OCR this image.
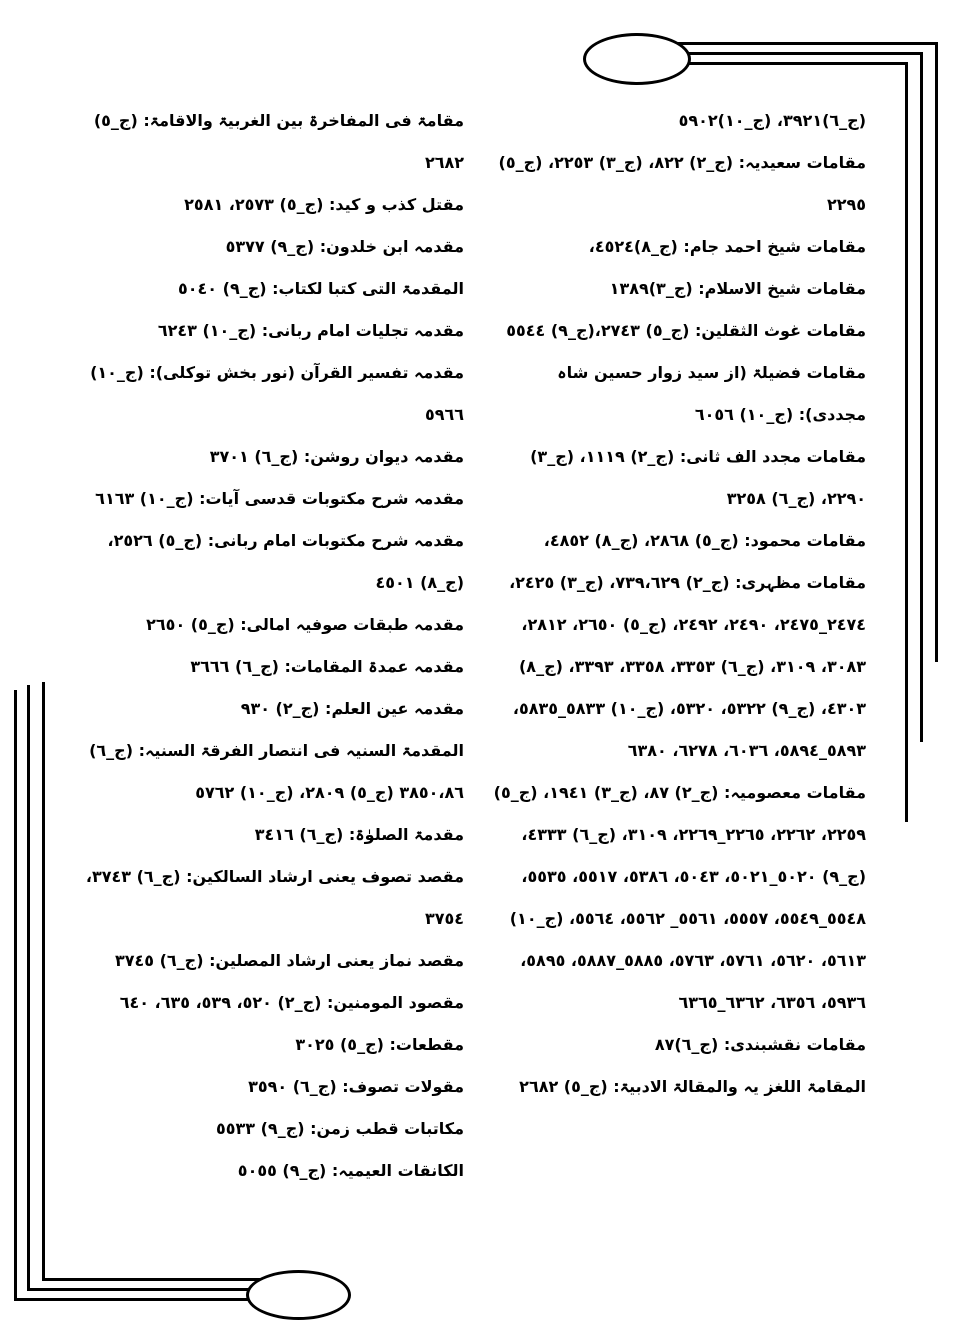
(ج_٦)٣٩٢١، (ج_١٠)٥٩٠٢

مقامات سعیدیہ: (ج_٢) ٨٢٢، (ج_٣) ٢٢٥٣، (ج_٥) ٢٢٩٥

مقامات شیخ احمد جام: (ج_٨)٤٥٢٤،

مقامات شیخ الاسلام: (ج_٣)١٣٨٩

مقامات غوث الثقلین: (ج_٥) ٢٧٤٣،(ج_٩) ٥٥٤٤

مقامات فضیلۃ (از سید زوار حسین شاہ مجددی): (ج_١٠) ٦٠٥٦

مقامات مجدد الف ثانی: (ج_٢) ١١١٩، (ج_٣) ٢٢٩٠، (ج_٦) ٣٢٥٨

مقامات محمود: (ج_٥) ٢٨٦٨، (ج_٨) ٤٨٥٢،

مقامات مظہری: (ج_٢) ٧٣٩،٦٢٩، (ج_٣) ٢٤٢٥، ٢٤٧٤_٢٤٧٥، ٢٤٩٠، ٢٤٩٢، (ج_٥) ٢٦٥٠، ٢٨١٢، ٣٠٨٣، ٣١٠٩، (ج_٦) ٣٣٥٣، ٣٣٥٨، ٣٣٩٣، (ج_٨) ٤٣٠٣، (ج_٩) ٥٣٢٢، ٥٣٢٠، (ج_١٠) ٥٨٣٣_٥٨٣٥، ٥٨٩٣_٥٨٩٤، ٦٠٣٦، ٦٢٧٨، ٦٣٨٠

مقامات معصومیہ: (ج_٢) ٨٧، (ج_٣) ١٩٤١، (ج_٥) ٢٢٥٩، ٢٢٦٢، ٢٢٦٥_٢٢٦٩، ٣١٠٩، (ج_٦) ٤٣٣٣، (ج_٩) ٥٠٢٠_٥٠٢١، ٥٠٤٣، ٥٣٨٦، ٥٥١٧، ٥٥٣٥، ٥٥٤٨_٥٥٤٩، ٥٥٥٧، ٥٥٦١_ ٥٥٦٢، ٥٥٦٤، (ج_١٠) ٥٦١٣، ٥٦٢٠، ٥٧٦١، ٥٧٦٣، ٥٨٨٥_٥٨٨٧، ٥٨٩٥، ٥٩٣٦، ٦٣٥٦، ٦٣٦٢_٦٣٦٥

مقامات نقشبندی: (ج_٦)٨٧

المقامۃ اللغز یہ والمقالۃ الادبیۃ: (ج_٥) ٢٦٨٢

مقامۃ فی المفاخرۃ بین الغربیۃ والاقامۃ: (ج_٥) ٢٦٨٢

مقتل کذب و کید: (ج_٥) ٢٥٧٣، ٢٥٨١

مقدمہ ابن خلدون: (ج_٩) ٥٣٧٧

المقدمۃ التی کتبا لکتاب: (ج_٩) ٥٠٤٠

مقدمہ تجلیات امام ربانی: (ج_١٠) ٦٢٤٣

مقدمہ تفسیر القرآن (نور بخش توکلی): (ج_١٠) ٥٩٦٦

مقدمہ دیوان روشن: (ج_٦) ٣٧٠١

مقدمہ شرح مکتوبات قدسی آیات: (ج_١٠) ٦١٦٣

مقدمہ شرح مکتوبات امام ربانی: (ج_٥) ٢٥٢٦، (ج_٨) ٤٥٠١

مقدمہ طبقات صوفیہ امالی: (ج_٥) ٢٦٥٠

مقدمہ عمدۃ المقامات: (ج_٦) ٣٦٦٦

مقدمہ عین العلم: (ج_٢) ٩٣٠

المقدمۃ السنیہ فی انتصار الفرقۃ السنیہ: (ج_٦) ٣٨٥٠،٨٦ (ج_٥) ٢٨٠٩، (ج_١٠) ٥٧٦٢

مقدمۃ الصلوٰۃ: (ج_٦) ٣٤١٦

مقصد تصوف یعنی ارشاد السالکین: (ج_٦) ٣٧٤٣، ٣٧٥٤

مقصد نماز یعنی ارشاد المصلین: (ج_٦) ٣٧٤٥

مقصود المومنین: (ج_٢) ٥٢٠، ٥٣٩، ٦٣٥، ٦٤٠

مقطعات: (ج_٥) ٣٠٢٥

مقولات تصوف: (ج_٦) ٣٥٩٠

مکاتبات قطب زمن: (ج_٩) ٥٥٣٣

الکانقات العیمیہ: (ج_٩) ٥٠٥٥
